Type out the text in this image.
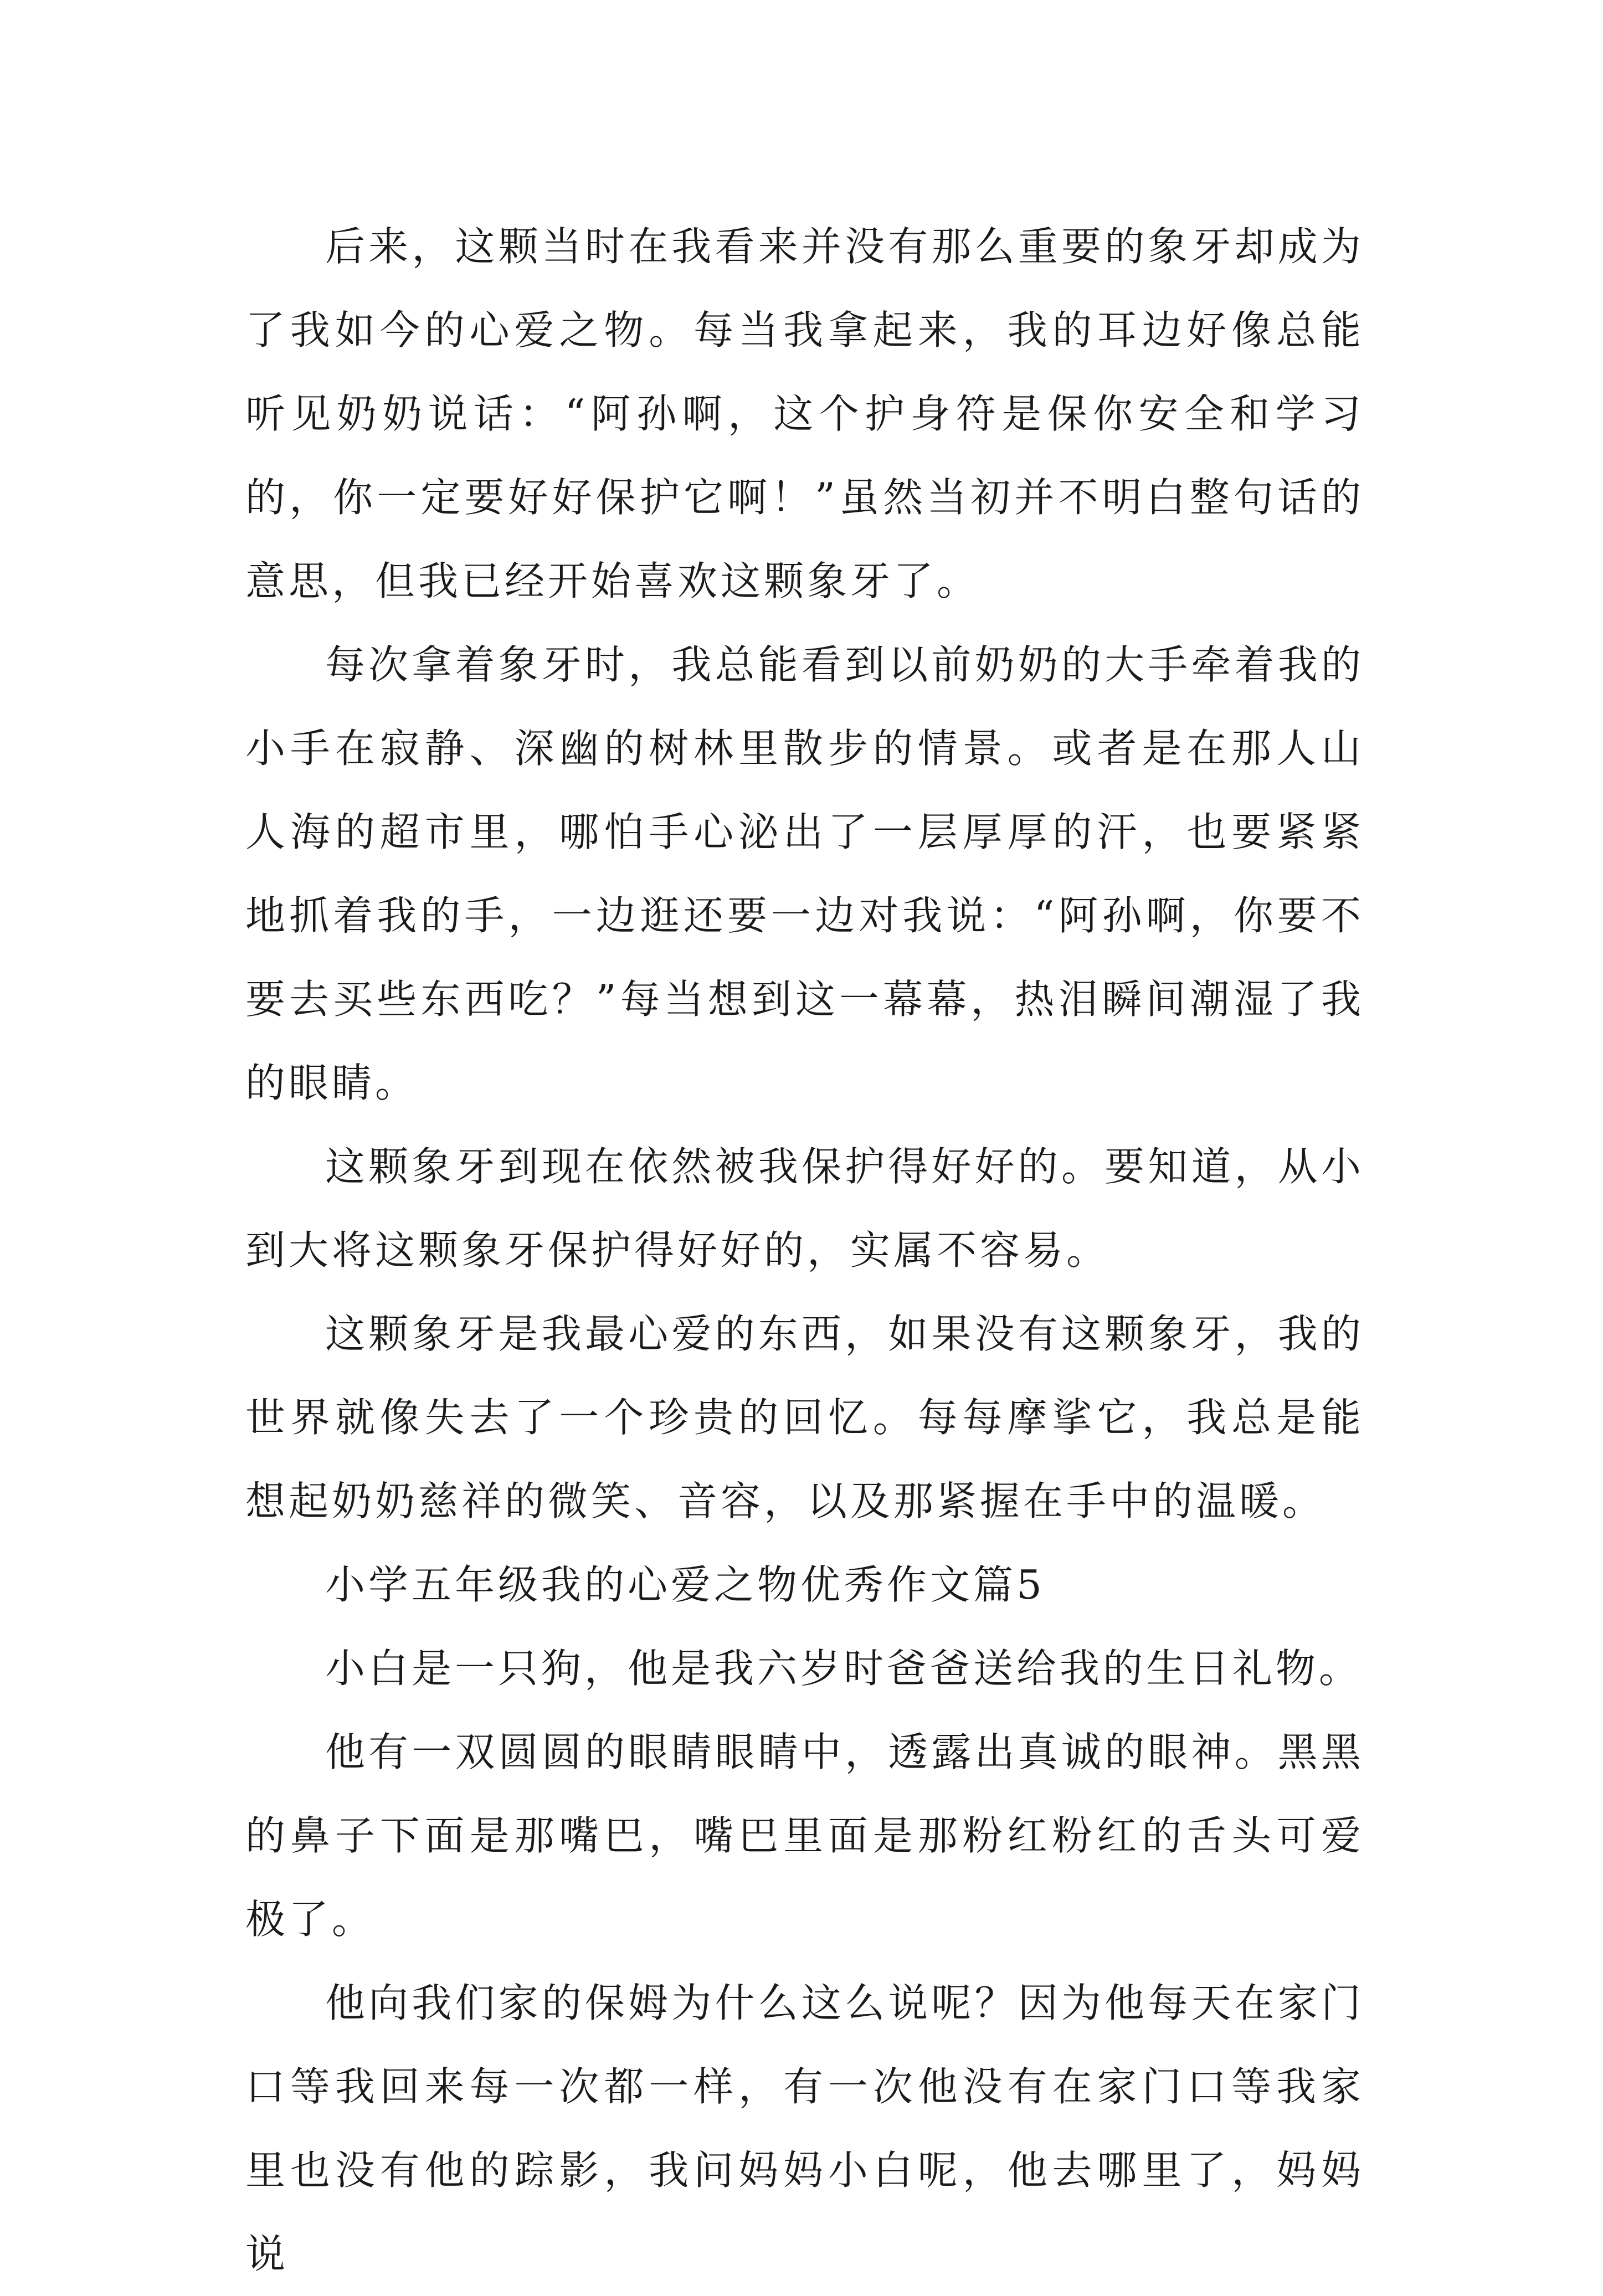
后来，这颗当时在我看来并没有那么重要的象牙却成为了我如今的心爱之物。每当我拿起来，我的耳边好像总能听见奶奶说话：“阿孙啊，这个护身符是保你安全和学习的，你一定要好好保护它啊！”虽然当初并不明白整句话的意思，但我已经开始喜欢这颗象牙了。

每次拿着象牙时，我总能看到以前奶奶的大手牵着我的小手在寂静、深幽的树林里散步的情景。或者是在那人山人海的超市里，哪怕手心泌出了一层厚厚的汗，也要紧紧地抓着我的手，一边逛还要一边对我说：“阿孙啊，你要不要去买些东西吃？”每当想到这一幕幕，热泪瞬间潮湿了我的眼睛。

这颗象牙到现在依然被我保护得好好的。要知道，从小到大将这颗象牙保护得好好的，实属不容易。

这颗象牙是我最心爱的东西，如果没有这颗象牙，我的世界就像失去了一个珍贵的回忆。每每摩挲它，我总是能想起奶奶慈祥的微笑、音容，以及那紧握在手中的温暖。

小学五年级我的心爱之物优秀作文篇5

小白是一只狗，他是我六岁时爸爸送给我的生日礼物。

他有一双圆圆的眼睛眼睛中，透露出真诚的眼神。黑黑的鼻子下面是那嘴巴，嘴巴里面是那粉红粉红的舌头可爱极了。

他向我们家的保姆为什么这么说呢？因为他每天在家门口等我回来每一次都一样，有一次他没有在家门口等我家里也没有他的踪影，我问妈妈小白呢，他去哪里了，妈妈说
